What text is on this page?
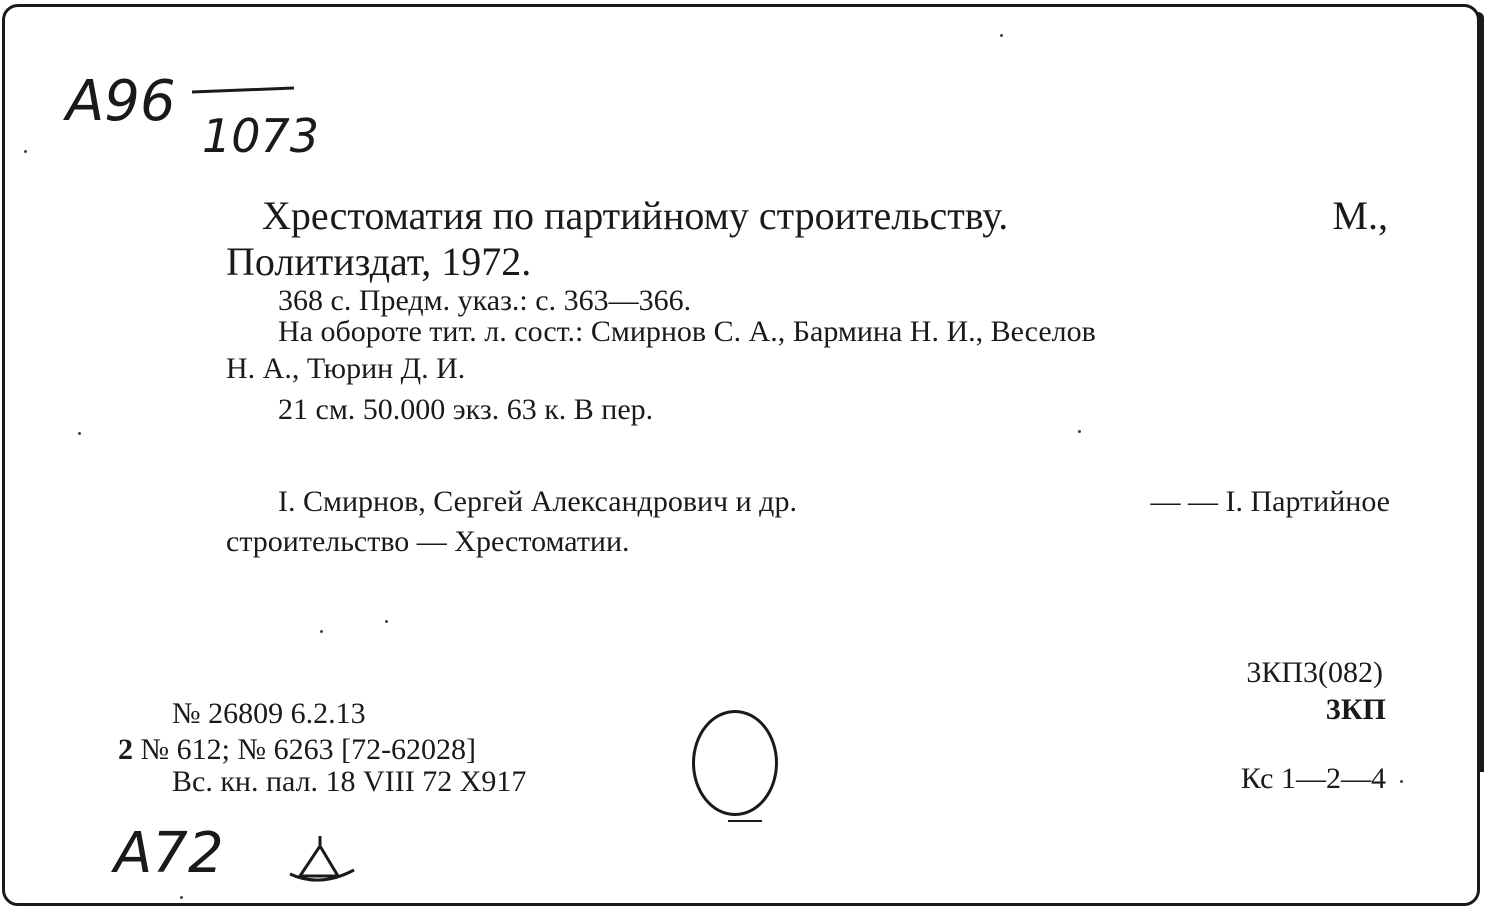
А96
1073
Хрестоматия по партийному строительству.	М.,
Политиздат, 1972.
368 с. Предм. указ.: с. 363—366.
На обороте тит. л. сост.: Смирнов С. А., Бармина Н. И., Веселов
Н. А., Тюрин Д. И.
21 см. 50.000 экз. 63 к. В пер.
I. Смирнов, Сергей Александрович и др.	— — I. Партийное
строительство — Хрестоматии.
3КП3(082)
3КП
Кс 1—2—4
№ 26809 6.2.13
2 № 612; № 6263 [72-62028]
Вс. кн. пал. 18 VIII 72 Х917
А72
